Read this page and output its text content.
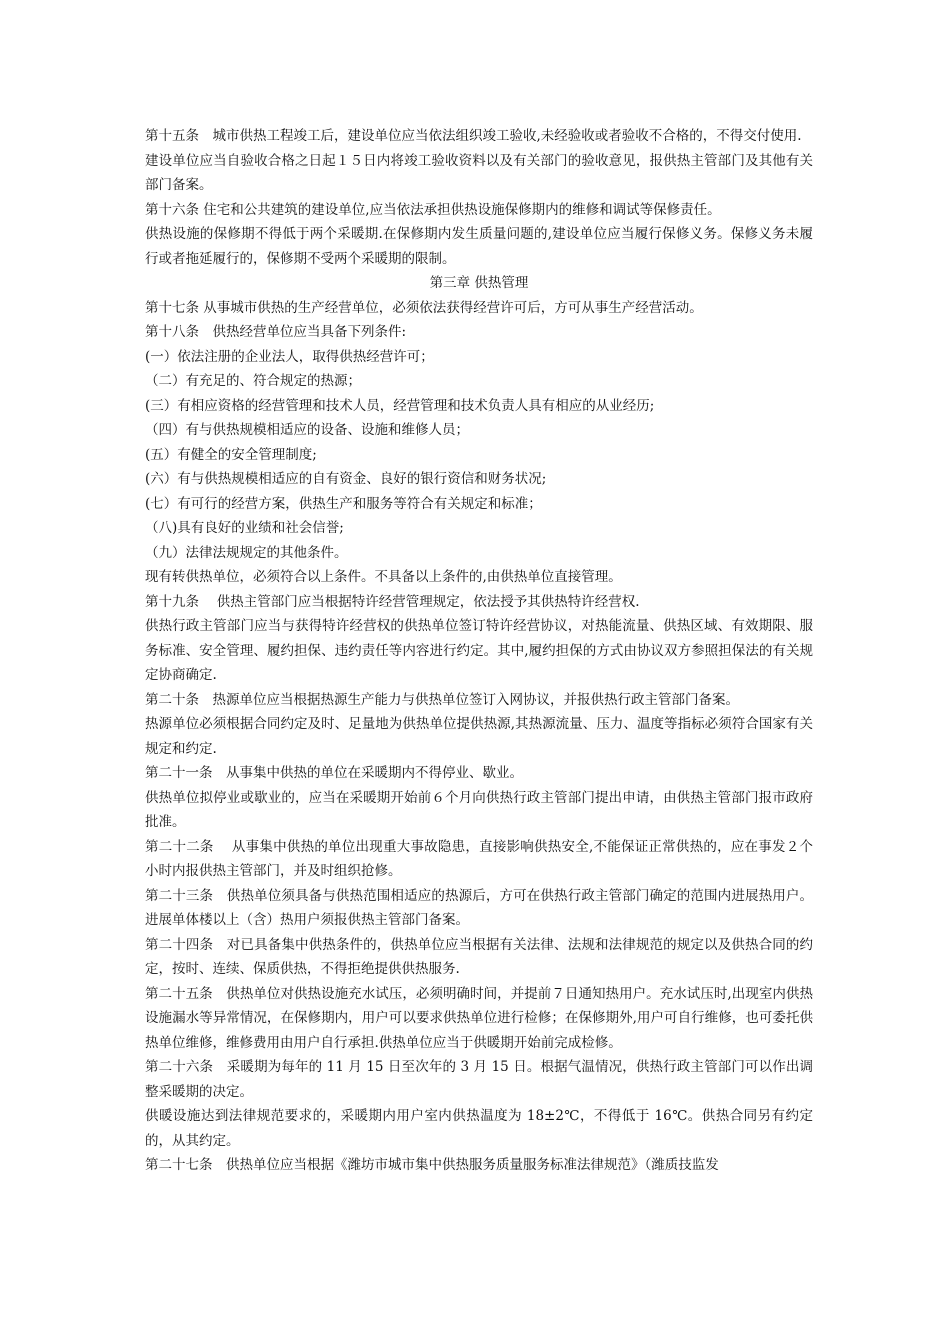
第十五条　城市供热工程竣工后，建设单位应当依法组织竣工验收,未经验收或者验收不合格的，不得交付使用.

建设单位应当自验收合格之日起１５日内将竣工验收资料以及有关部门的验收意见，报供热主管部门及其他有关部门备案。

第十六条 住宅和公共建筑的建设单位,应当依法承担供热设施保修期内的维修和调试等保修责任。

供热设施的保修期不得低于两个采暖期.在保修期内发生质量问题的,建设单位应当履行保修义务。保修义务未履行或者拖延履行的，保修期不受两个采暖期的限制。

第三章 供热管理

第十七条 从事城市供热的生产经营单位，必须依法获得经营许可后，方可从事生产经营活动。

第十八条　供热经营单位应当具备下列条件:

(一）依法注册的企业法人，取得供热经营许可；

（二）有充足的、符合规定的热源；

(三）有相应资格的经营管理和技术人员，经营管理和技术负责人具有相应的从业经历;

（四）有与供热规模相适应的设备、设施和维修人员；

(五）有健全的安全管理制度;

(六）有与供热规模相适应的自有资金、良好的银行资信和财务状况;

(七）有可行的经营方案，供热生产和服务等符合有关规定和标准；

（八)具有良好的业绩和社会信誉;

（九）法律法规规定的其他条件。

现有转供热单位，必须符合以上条件。不具备以上条件的,由供热单位直接管理。

第十九条　 供热主管部门应当根据特许经营管理规定，依法授予其供热特许经营权.

供热行政主管部门应当与获得特许经营权的供热单位签订特许经营协议，对热能流量、供热区域、有效期限、服务标准、安全管理、履约担保、违约责任等内容进行约定。其中,履约担保的方式由协议双方参照担保法的有关规定协商确定.

第二十条　热源单位应当根据热源生产能力与供热单位签订入网协议，并报供热行政主管部门备案。

热源单位必须根据合同约定及时、足量地为供热单位提供热源,其热源流量、压力、温度等指标必须符合国家有关规定和约定.

第二十一条　从事集中供热的单位在采暖期内不得停业、歇业。

供热单位拟停业或歇业的，应当在采暖期开始前６个月向供热行政主管部门提出申请，由供热主管部门报市政府批准。

第二十二条　 从事集中供热的单位出现重大事故隐患，直接影响供热安全,不能保证正常供热的，应在事发２个小时内报供热主管部门，并及时组织抢修。

第二十三条　供热单位须具备与供热范围相适应的热源后，方可在供热行政主管部门确定的范围内进展热用户。进展单体楼以上（含）热用户须报供热主管部门备案。

第二十四条　对已具备集中供热条件的，供热单位应当根据有关法律、法规和法律规范的规定以及供热合同的约定，按时、连续、保质供热，不得拒绝提供供热服务.

第二十五条　供热单位对供热设施充水试压，必须明确时间，并提前７日通知热用户。充水试压时,出现室内供热设施漏水等异常情况，在保修期内，用户可以要求供热单位进行检修；在保修期外,用户可自行维修，也可委托供热单位维修，维修费用由用户自行承担.供热单位应当于供暖期开始前完成检修。

第二十六条　采暖期为每年的 11 月 15 日至次年的 3 月 15 日。根据气温情况，供热行政主管部门可以作出调整采暖期的决定。

供暖设施达到法律规范要求的，采暖期内用户室内供热温度为 18±2℃，不得低于 16℃。供热合同另有约定的，从其约定。

第二十七条　供热单位应当根据《潍坊市城市集中供热服务质量服务标准法律规范》（潍质技监发
